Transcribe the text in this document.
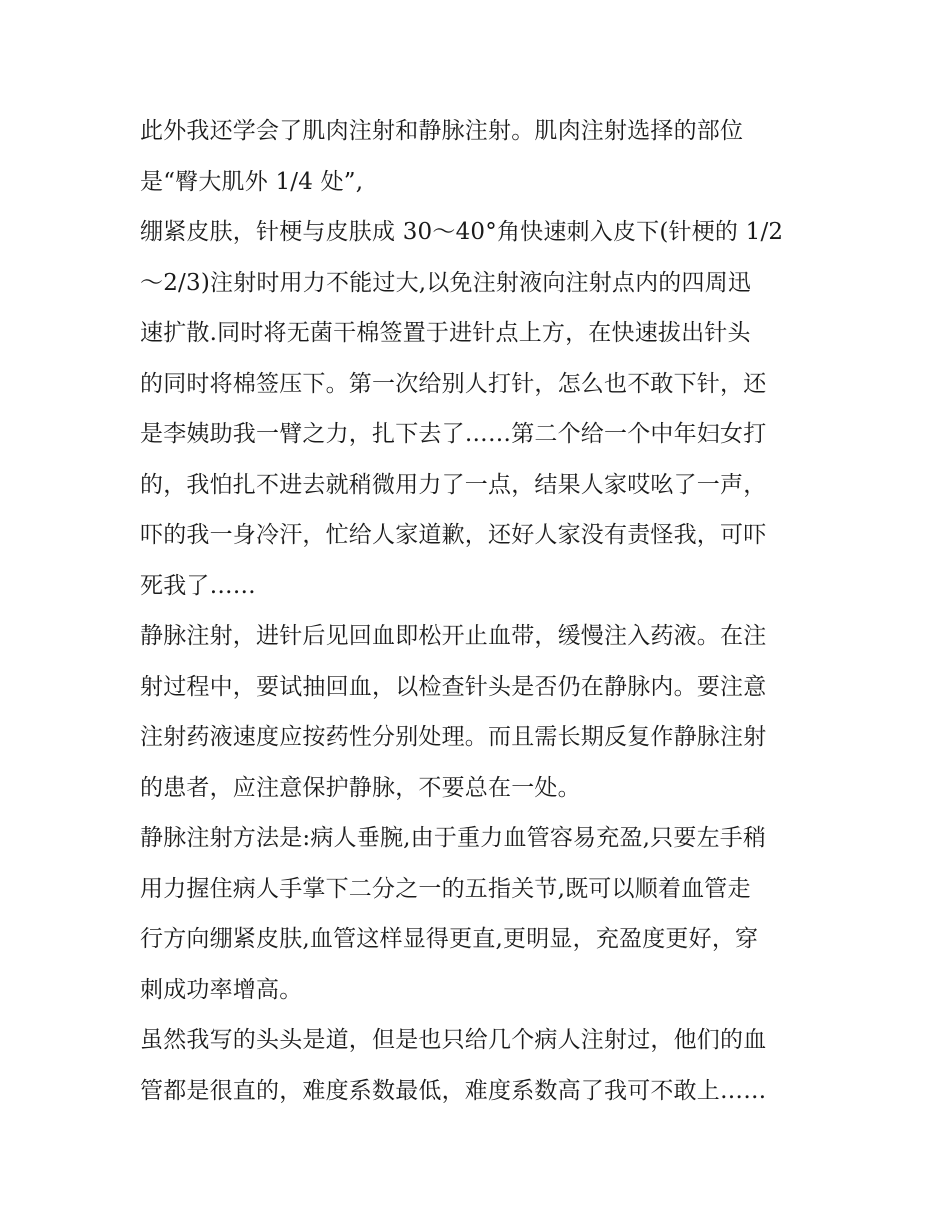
此外我还学会了肌肉注射和静脉注射。肌肉注射选择的部位
是“臀大肌外 1/4 处”,
绷紧皮肤，针梗与皮肤成 30～40°角快速刺入皮下(针梗的 1/2
～2/3)注射时用力不能过大,以免注射液向注射点内的四周迅
速扩散.同时将无菌干棉签置于进针点上方，在快速拔出针头
的同时将棉签压下。第一次给别人打针，怎么也不敢下针，还
是李姨助我一臂之力，扎下去了……第二个给一个中年妇女打
的，我怕扎不进去就稍微用力了一点，结果人家哎吆了一声，
吓的我一身冷汗，忙给人家道歉，还好人家没有责怪我，可吓
死我了……
静脉注射，进针后见回血即松开止血带，缓慢注入药液。在注
射过程中，要试抽回血，以检查针头是否仍在静脉内。要注意
注射药液速度应按药性分别处理。而且需长期反复作静脉注射
的患者，应注意保护静脉，不要总在一处。
静脉注射方法是:病人垂腕,由于重力血管容易充盈,只要左手稍
用力握住病人手掌下二分之一的五指关节,既可以顺着血管走
行方向绷紧皮肤,血管这样显得更直,更明显，充盈度更好，穿
刺成功率增高。
虽然我写的头头是道，但是也只给几个病人注射过，他们的血
管都是很直的，难度系数最低，难度系数高了我可不敢上……
